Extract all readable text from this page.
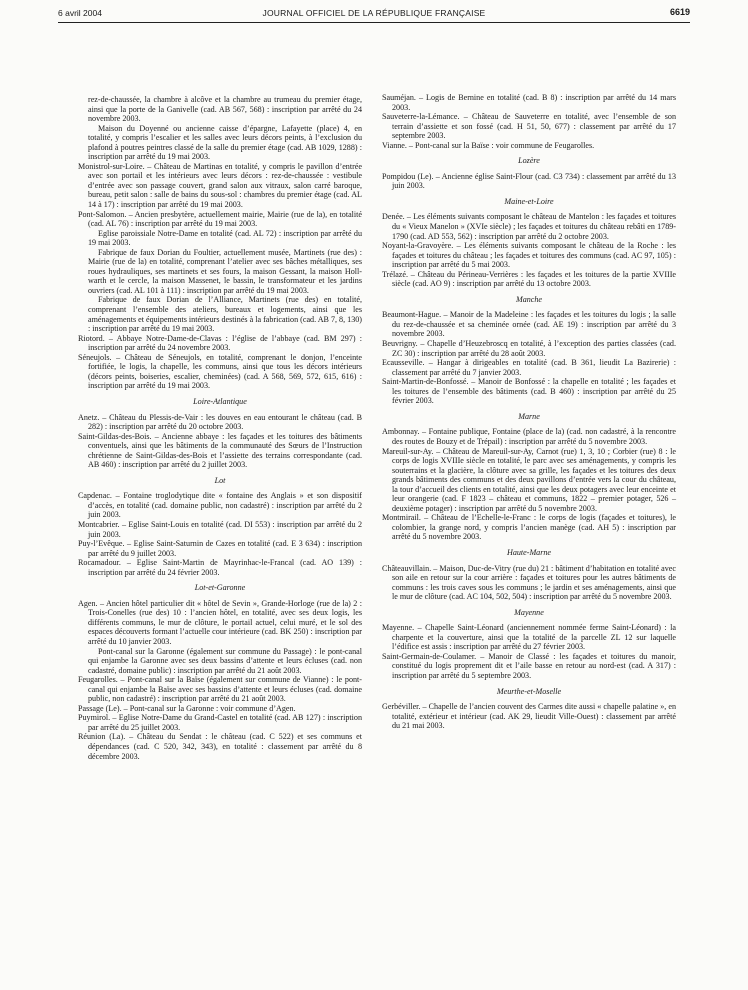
6 avril 2004	JOURNAL OFFICIEL DE LA RÉPUBLIQUE FRANÇAISE	6619
rez-de-chaussée, la chambre à alcôve et la chambre au trumeau du premier étage, ainsi que la porte de la Ganivelle (cad. AB 567, 568) : inscription par arrêté du 24 novembre 2003.
Maison du Doyenné ou ancienne caisse d’épargne, Lafayette (place) 4, en totalité, y compris l’escalier et les salles avec leurs décors peints, à l’exclusion du plafond à poutres peintres classé de la salle du premier étage (cad. AB 1029, 1288) : inscription par arrêté du 19 mai 2003.
Monistrol-sur-Loire. – Château de Martinas en totalité, y compris le pavillon d’entrée avec son portail et les intérieurs avec leurs décors : rez-de-chaussée : vestibule d’entrée avec son passage couvert, grand salon aux vitraux, salon carré baroque, bureau, petit salon : salle de bains du sous-sol : chambres du premier étage (cad. AL 14 à 17) : inscription par arrêté du 19 mai 2003.
Pont-Salomon. – Ancien presbytère, actuellement mairie, Mairie (rue de la), en totalité (cad. AL 76) : inscription par arrêté du 19 mai 2003.
Eglise paroissiale Notre-Dame en totalité (cad. AL 72) : inscription par arrêté du 19 mai 2003.
Fabrique de faux Dorian du Foultier, actuellement musée, Martinets (rue des) : Mairie (rue de la) en totalité, comprenant l’atelier avec ses bâches métalliques, ses roues hydrauliques, ses martinets et ses fours, la maison Gessant, la maison Holl-warth et le cercle, la maison Massenet, le bassin, le transformateur et les jardins ouvriers (cad. AL 101 à 111) : inscription par arrêté du 19 mai 2003.
Fabrique de faux Dorian de l’Alliance, Martinets (rue des) en totalité, comprenant l’ensemble des ateliers, bureaux et logements, ainsi que les aménagements et équipements intérieurs destinés à la fabrication (cad. AB 7, 8, 130) : inscription par arrêté du 19 mai 2003.
Riotord. – Abbaye Notre-Dame-de-Clavas : l’église de l’abbaye (cad. BM 297) : inscription par arrêté du 24 novembre 2003.
Séneujols. – Château de Séneujols, en totalité, comprenant le donjon, l’enceinte fortifiée, le logis, la chapelle, les communs, ainsi que tous les décors intérieurs (décors peints, boiseries, escalier, cheminées) (cad. A 568, 569, 572, 615, 616) : inscription par arrêté du 19 mai 2003.
Loire-Atlantique
Anetz. – Château du Plessis-de-Vair : les douves en eau entourant le château (cad. B 282) : inscription par arrêté du 20 octobre 2003.
Saint-Gildas-des-Bois. – Ancienne abbaye : les façades et les toitures des bâtiments conventuels, ainsi que les bâtiments de la communauté des Sœurs de l’Instruction chrétienne de Saint-Gildas-des-Bois et l’assiette des terrains correspondante (cad. AB 460) : inscription par arrêté du 2 juillet 2003.
Lot
Capdenac. – Fontaine troglodytique dite « fontaine des Anglais » et son dispositif d’accès, en totalité (cad. domaine public, non cadastré) : inscription par arrêté du 2 juin 2003.
Montcabrier. – Eglise Saint-Louis en totalité (cad. DI 553) : inscription par arrêté du 2 juin 2003.
Puy-l’Evêque. – Eglise Saint-Saturnin de Cazes en totalité (cad. E 3 634) : inscription par arrêté du 9 juillet 2003.
Rocamadour. – Eglise Saint-Martin de Mayrinhac-le-Francal (cad. AO 139) : inscription par arrêté du 24 février 2003.
Lot-et-Garonne
Agen. – Ancien hôtel particulier dit « hôtel de Sevin », Grande-Horloge (rue de la) 2 : Trois-Conelles (rue des) 10 : l’ancien hôtel, en totalité, avec ses deux logis, les différents communs, le mur de clôture, le portail actuel, celui muré, et le sol des espaces découverts formant l’actuelle cour intérieure (cad. BK 250) : inscription par arrêté du 10 janvier 2003.
Pont-canal sur la Garonne (également sur commune du Passage) : le pont-canal qui enjambe la Garonne avec ses deux bassins d’attente et leurs écluses (cad. non cadastré, domaine public) : inscription par arrêté du 21 août 2003.
Feugarolles. – Pont-canal sur la Baïse (également sur commune de Vianne) : le pont-canal qui enjambe la Baïse avec ses bassins d’attente et leurs écluses (cad. domaine public, non cadastré) : inscription par arrêté du 21 août 2003.
Passage (Le). – Pont-canal sur la Garonne : voir commune d’Agen.
Puymirol. – Eglise Notre-Dame du Grand-Castel en totalité (cad. AB 127) : inscription par arrêté du 25 juillet 2003.
Réunion (La). – Château du Sendat : le château (cad. C 522) et ses communs et dépendances (cad. C 520, 342, 343), en totalité : classement par arrêté du 8 décembre 2003.
Sauméjan. – Logis de Bernine en totalité (cad. B 8) : inscription par arrêté du 14 mars 2003.
Sauveterre-la-Lémance. – Château de Sauveterre en totalité, avec l’ensemble de son terrain d’assiette et son fossé (cad. H 51, 50, 677) : classement par arrêté du 17 septembre 2003.
Vianne. – Pont-canal sur la Baïse : voir commune de Feugarolles.
Lozère
Pompidou (Le). – Ancienne église Saint-Flour (cad. C3 734) : classement par arrêté du 13 juin 2003.
Maine-et-Loire
Denée. – Les éléments suivants composant le château de Mantelon : les façades et toitures du « Vieux Manelon » (XVIe siècle) ; les façades et toitures du château rebâti en 1789-1790 (cad. AD 553, 562) : inscription par arrêté du 2 octobre 2003.
Noyant-la-Gravoyère. – Les éléments suivants composant le château de la Roche : les façades et toitures du château ; les façades et toitures des communs (cad. AC 97, 105) : inscription par arrêté du 5 mai 2003.
Trélazé. – Château du Périneau-Verrières : les façades et les toitures de la partie XVIIIe siècle (cad. AO 9) : inscription par arrêté du 13 octobre 2003.
Manche
Beaumont-Hague. – Manoir de la Madeleine : les façades et les toitures du logis ; la salle du rez-de-chaussée et sa cheminée ornée (cad. AE 19) : inscription par arrêté du 3 novembre 2003.
Beuvrigny. – Chapelle d’Heuzebroscq en totalité, à l’exception des parties classées (cad. ZC 30) : inscription par arrêté du 28 août 2003.
Ecausseville. – Hangar à dirigeables en totalité (cad. B 361, lieudit La Bazirerie) : classement par arrêté du 7 janvier 2003.
Saint-Martin-de-Bonfossé. – Manoir de Bonfossé : la chapelle en totalité ; les façades et les toitures de l’ensemble des bâtiments (cad. B 460) : inscription par arrêté du 25 février 2003.
Marne
Ambonnay. – Fontaine publique, Fontaine (place de la) (cad. non cadastré, à la rencontre des routes de Bouzy et de Trépail) : inscription par arrêté du 5 novembre 2003.
Mareuil-sur-Ay. – Château de Mareuil-sur-Ay, Carnot (rue) 1, 3, 10 ; Corbier (rue) 8 : le corps de logis XVIIIe siècle en totalité, le parc avec ses aménagements, y compris les souterrains et la glacière, la clôture avec sa grille, les façades et les toitures des deux grands bâtiments des communs et des deux pavillons d’entrée vers la cour du château, la tour d’accueil des clients en totalité, ainsi que les deux potagers avec leur enceinte et leur orangerie (cad. F 1823 – château et communs, 1822 – premier potager, 526 – deuxième potager) : inscription par arrêté du 5 novembre 2003.
Montmirail. – Château de l’Echelle-le-Franc : le corps de logis (façades et toitures), le colombier, la grange nord, y compris l’ancien manège (cad. AH 5) : inscription par arrêté du 5 novembre 2003.
Haute-Marne
Châteauvillain. – Maison, Duc-de-Vitry (rue du) 21 : bâtiment d’habitation en totalité avec son aile en retour sur la cour arrière : façades et toitures pour les autres bâtiments de communs : les trois caves sous les communs ; le jardin et ses aménagements, ainsi que le mur de clôture (cad. AC 104, 502, 504) : inscription par arrêté du 5 novembre 2003.
Mayenne
Mayenne. – Chapelle Saint-Léonard (anciennement nommée ferme Saint-Léonard) : la charpente et la couverture, ainsi que la totalité de la parcelle ZL 12 sur laquelle l’édifice est assis : inscription par arrêté du 27 février 2003.
Saint-Germain-de-Coulamer. – Manoir de Classé : les façades et toitures du manoir, constitué du logis proprement dit et l’aile basse en retour au nord-est (cad. A 317) : inscription par arrêté du 5 septembre 2003.
Meurthe-et-Moselle
Gerbéviller. – Chapelle de l’ancien couvent des Carmes dite aussi « chapelle palatine », en totalité, extérieur et intérieur (cad. AK 29, lieudit Ville-Ouest) : classement par arrêté du 21 mai 2003.
